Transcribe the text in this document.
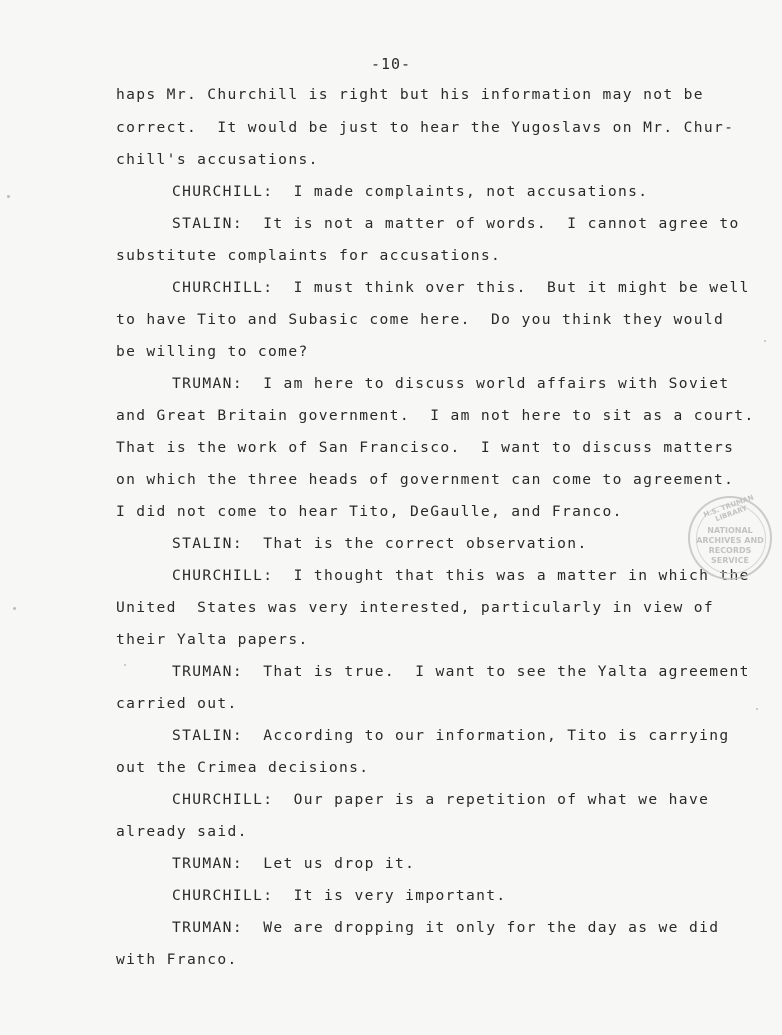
-10-
haps Mr. Churchill is right but his information may not be
correct.  It would be just to hear the Yugoslavs on Mr. Chur-
chill's accusations.
CHURCHILL:  I made complaints, not accusations.
STALIN:  It is not a matter of words.  I cannot agree to
substitute complaints for accusations.
CHURCHILL:  I must think over this.  But it might be well
to have Tito and Subasic come here.  Do you think they would
be willing to come?
TRUMAN:  I am here to discuss world affairs with Soviet
and Great Britain government.  I am not here to sit as a court.
That is the work of San Francisco.  I want to discuss matters
on which the three heads of government can come to agreement.
I did not come to hear Tito, DeGaulle, and Franco.
STALIN:  That is the correct observation.
CHURCHILL:  I thought that this was a matter in which the
United  States was very interested, particularly in view of
their Yalta papers.
TRUMAN:  That is true.  I want to see the Yalta agreement
carried out.
STALIN:  According to our information, Tito is carrying
out the Crimea decisions.
CHURCHILL:  Our paper is a repetition of what we have
already said.
TRUMAN:  Let us drop it.
CHURCHILL:  It is very important.
TRUMAN:  We are dropping it only for the day as we did
with Franco.
H.S. TRUMAN LIBRARY
NATIONAL
ARCHIVES AND
RECORDS
SERVICE
